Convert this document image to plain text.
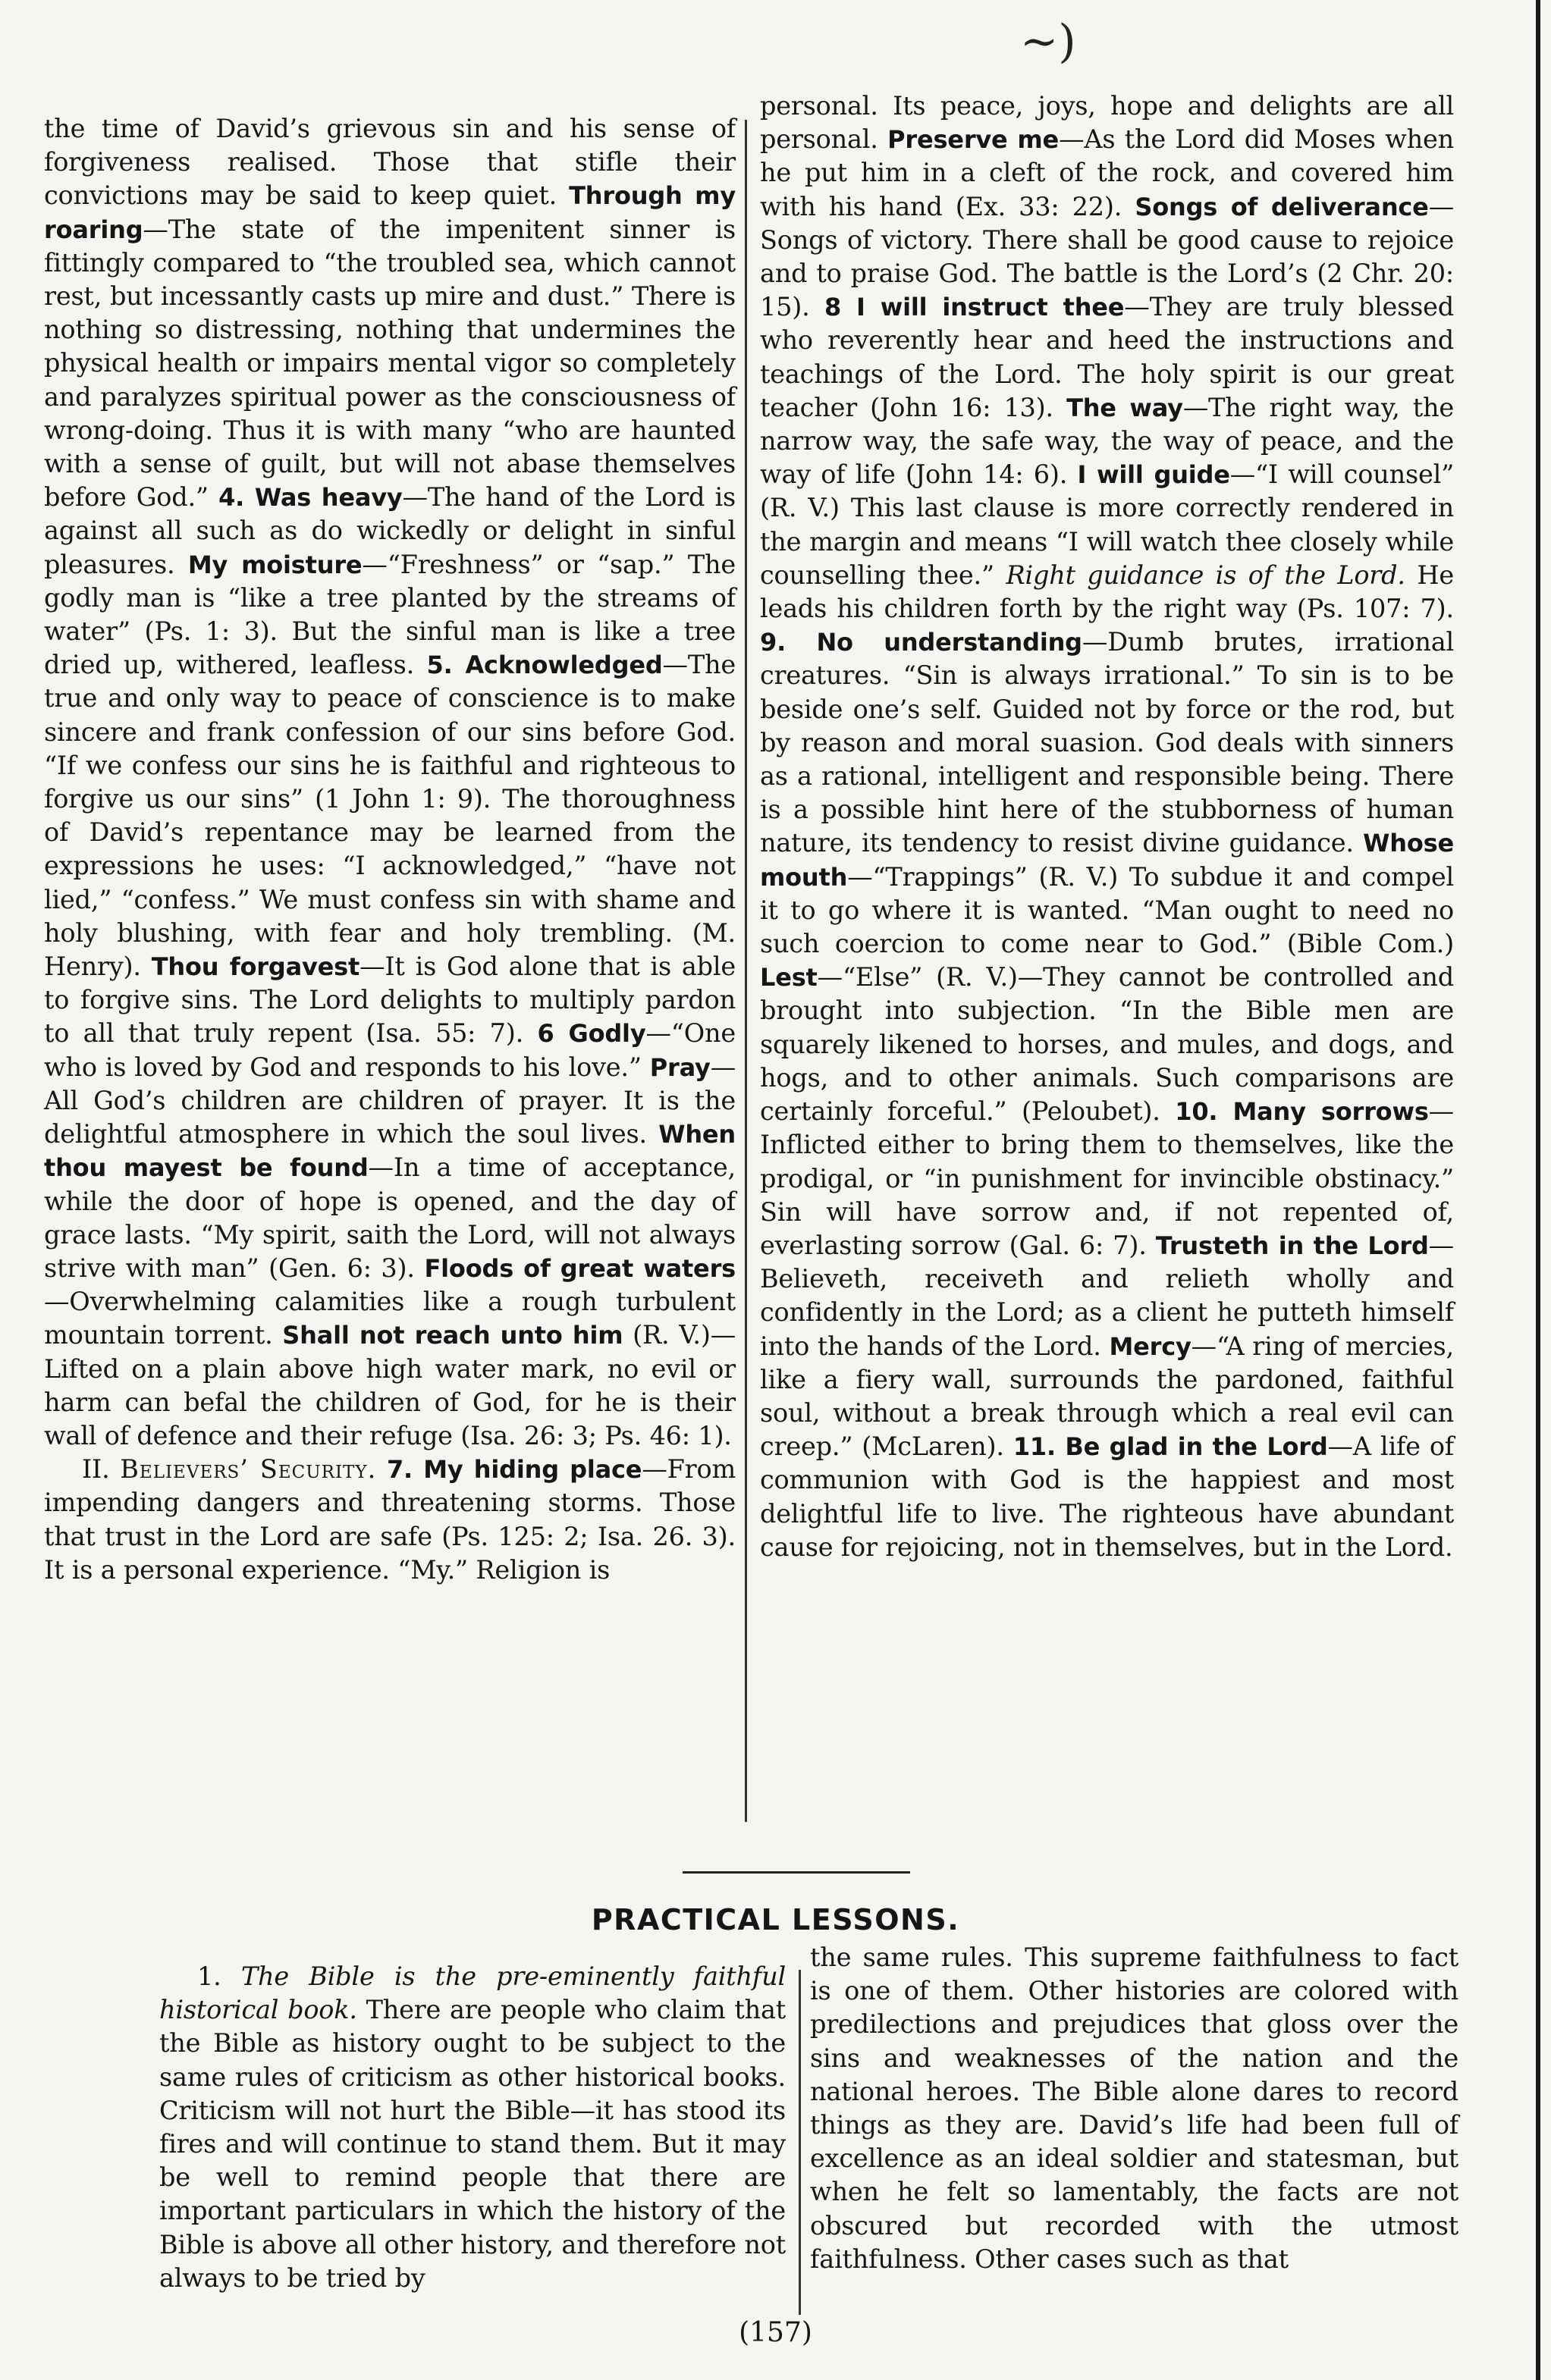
~)
the time of David’s grievous sin and his sense of forgiveness realised. Those that stifle their convictions may be said to keep quiet. Through my roaring—The state of the impenitent sinner is fittingly compared to “the troubled sea, which cannot rest, but incessantly casts up mire and dust.” There is nothing so distressing, nothing that undermines the physical health or impairs mental vigor so completely and paralyzes spiritual power as the consciousness of wrong-doing. Thus it is with many “who are haunted with a sense of guilt, but will not abase themselves before God.” 4. Was heavy—The hand of the Lord is against all such as do wickedly or delight in sinful pleasures. My moisture—“Freshness” or “sap.” The godly man is “like a tree planted by the streams of water” (Ps. 1: 3). But the sinful man is like a tree dried up, withered, leafless. 5. Acknowledged—The true and only way to peace of conscience is to make sincere and frank confession of our sins before God. “If we confess our sins he is faithful and righteous to forgive us our sins” (1 John 1: 9). The thoroughness of David’s repentance may be learned from the expressions he uses: “I acknowledged,” “have not lied,” “confess.” We must confess sin with shame and holy blushing, with fear and holy trembling. (M. Henry). Thou forgavest—It is God alone that is able to forgive sins. The Lord delights to multiply pardon to all that truly repent (Isa. 55: 7). 6 Godly—“One who is loved by God and responds to his love.” Pray—All God’s children are children of prayer. It is the delightful atmosphere in which the soul lives. When thou mayest be found—In a time of acceptance, while the door of hope is opened, and the day of grace lasts. “My spirit, saith the Lord, will not always strive with man” (Gen. 6: 3). Floods of great waters—Overwhelming calamities like a rough turbulent mountain torrent. Shall not reach unto him (R. V.)—Lifted on a plain above high water mark, no evil or harm can befal the children of God, for he is their wall of defence and their refuge (Isa. 26: 3; Ps. 46: 1).
II. Believers’ Security. 7. My hiding place—From impending dangers and threatening storms. Those that trust in the Lord are safe (Ps. 125: 2; Isa. 26. 3). It is a personal experience. “My.” Religion is
personal. Its peace, joys, hope and delights are all personal. Preserve me—As the Lord did Moses when he put him in a cleft of the rock, and covered him with his hand (Ex. 33: 22). Songs of deliverance—Songs of victory. There shall be good cause to rejoice and to praise God. The battle is the Lord’s (2 Chr. 20: 15). 8 I will instruct thee—They are truly blessed who reverently hear and heed the instructions and teachings of the Lord. The holy spirit is our great teacher (John 16: 13). The way—The right way, the narrow way, the safe way, the way of peace, and the way of life (John 14: 6). I will guide—“I will counsel” (R. V.) This last clause is more correctly rendered in the margin and means “I will watch thee closely while counselling thee.” Right guidance is of the Lord. He leads his children forth by the right way (Ps. 107: 7). 9. No understanding—Dumb brutes, irrational creatures. “Sin is always irrational.” To sin is to be beside one’s self. Guided not by force or the rod, but by reason and moral suasion. God deals with sinners as a rational, intelligent and responsible being. There is a possible hint here of the stubborness of human nature, its tendency to resist divine guidance. Whose mouth—“Trappings” (R. V.) To subdue it and compel it to go where it is wanted. “Man ought to need no such coercion to come near to God.” (Bible Com.) Lest—“Else” (R. V.)—They cannot be controlled and brought into subjection. “In the Bible men are squarely likened to horses, and mules, and dogs, and hogs, and to other animals. Such comparisons are certainly forceful.” (Peloubet). 10. Many sorrows—Inflicted either to bring them to themselves, like the prodigal, or “in punishment for invincible obstinacy.” Sin will have sorrow and, if not repented of, everlasting sorrow (Gal. 6: 7). Trusteth in the Lord—Believeth, receiveth and relieth wholly and confidently in the Lord; as a client he putteth himself into the hands of the Lord. Mercy—“A ring of mercies, like a fiery wall, surrounds the pardoned, faithful soul, without a break through which a real evil can creep.” (McLaren). 11. Be glad in the Lord—A life of communion with God is the happiest and most delightful life to live. The righteous have abundant cause for rejoicing, not in themselves, but in the Lord.
PRACTICAL LESSONS.
1. The Bible is the pre-eminently faithful historical book. There are people who claim that the Bible as history ought to be subject to the same rules of criticism as other historical books. Criticism will not hurt the Bible—it has stood its fires and will continue to stand them. But it may be well to remind people that there are important particulars in which the history of the Bible is above all other history, and therefore not always to be tried by
the same rules. This supreme faithfulness to fact is one of them. Other histories are colored with predilections and prejudices that gloss over the sins and weaknesses of the nation and the national heroes. The Bible alone dares to record things as they are. David’s life had been full of excellence as an ideal soldier and statesman, but when he felt so lamentably, the facts are not obscured but recorded with the utmost faithfulness. Other cases such as that
(157)
